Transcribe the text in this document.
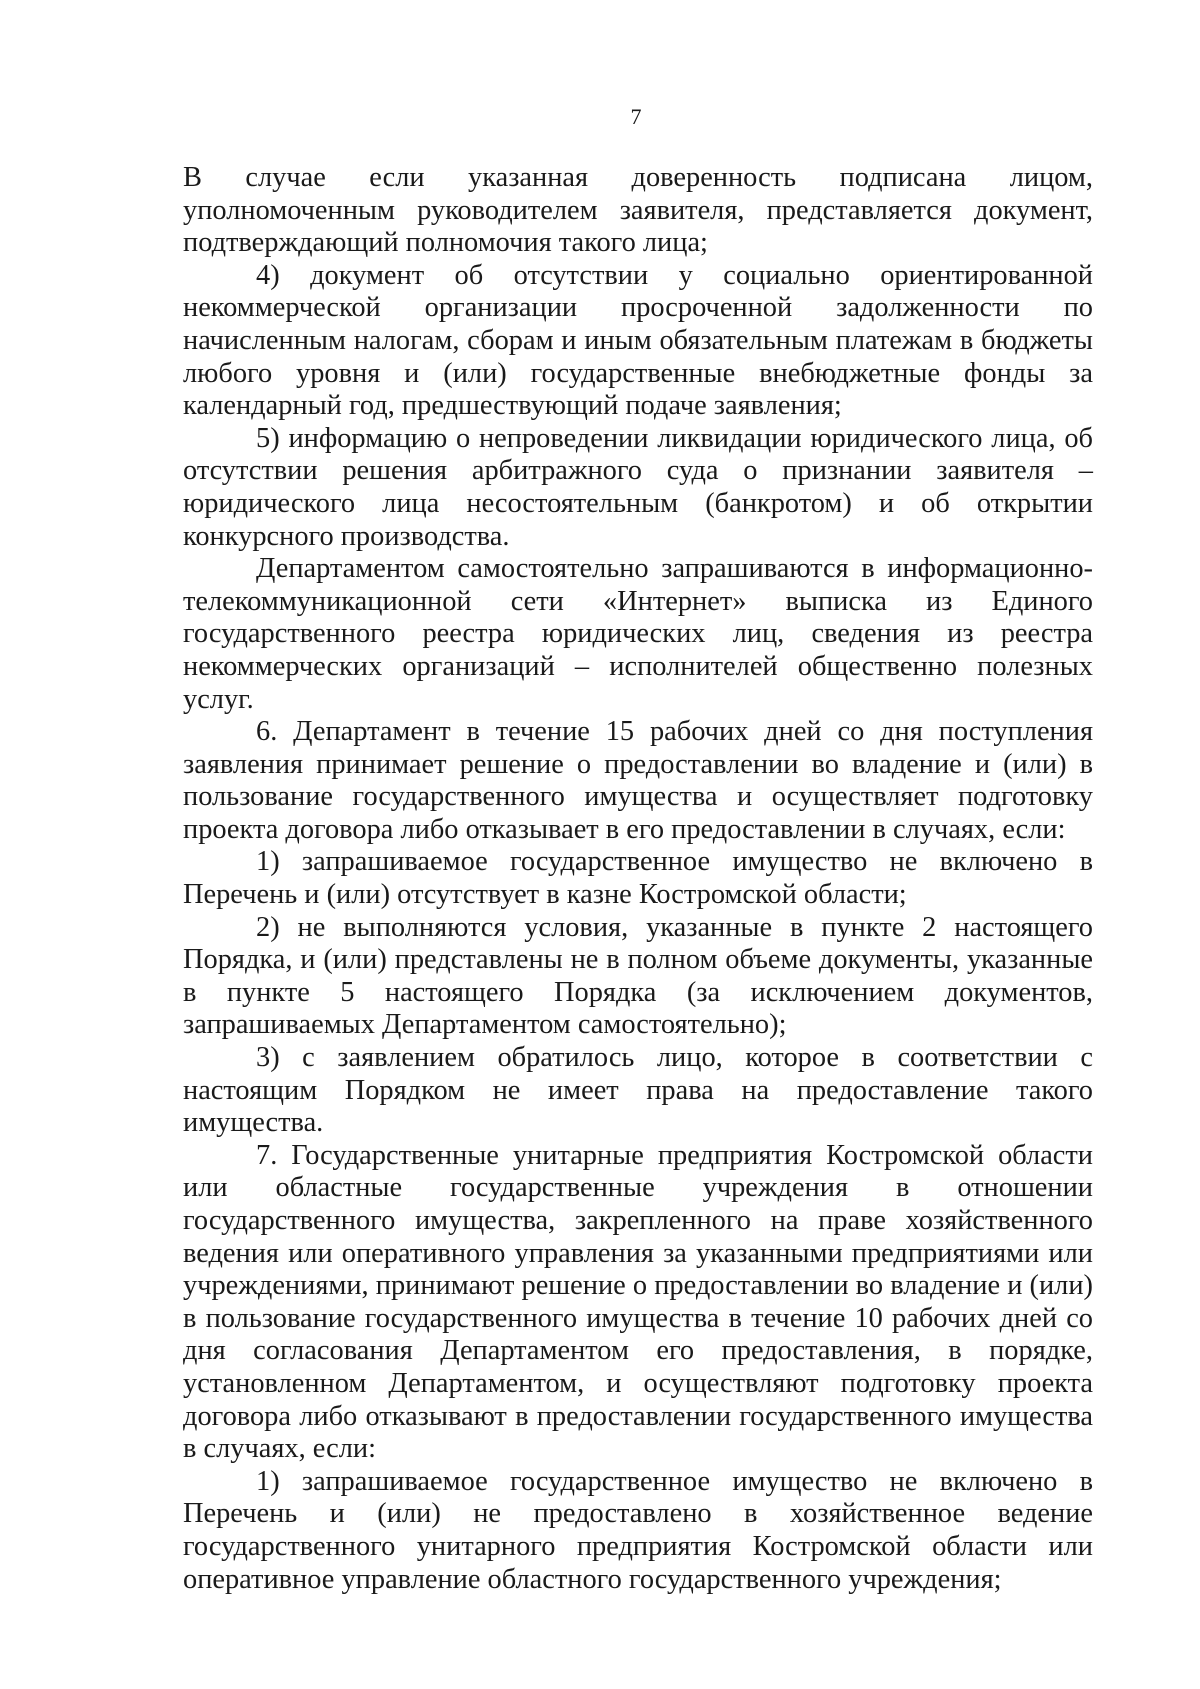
7

В случае если указанная доверенность подписана лицом, уполномоченным руководителем заявителя, представляется документ, подтверждающий полномочия такого лица;

4) документ об отсутствии у социально ориентированной некоммерческой организации просроченной задолженности по начисленным налогам, сборам и иным обязательным платежам в бюджеты любого уровня и (или) государственные внебюджетные фонды за календарный год, предшествующий подаче заявления;

5) информацию о непроведении ликвидации юридического лица, об отсутствии решения арбитражного суда о признании заявителя – юридического лица несостоятельным (банкротом) и об открытии конкурсного производства.

Департаментом самостоятельно запрашиваются в информационно-телекоммуникационной сети «Интернет» выписка из Единого государственного реестра юридических лиц, сведения из реестра некоммерческих организаций – исполнителей общественно полезных услуг.

6. Департамент в течение 15 рабочих дней со дня поступления заявления принимает решение о предоставлении во владение и (или) в пользование государственного имущества и осуществляет подготовку проекта договора либо отказывает в его предоставлении в случаях, если:

1) запрашиваемое государственное имущество не включено в Перечень и (или) отсутствует в казне Костромской области;

2) не выполняются условия, указанные в пункте 2 настоящего Порядка, и (или) представлены не в полном объеме документы, указанные в пункте 5 настоящего Порядка (за исключением документов, запрашиваемых Департаментом самостоятельно);

3) с заявлением обратилось лицо, которое в соответствии с настоящим Порядком не имеет права на предоставление такого имущества.

7. Государственные унитарные предприятия Костромской области или областные государственные учреждения в отношении государственного имущества, закрепленного на праве хозяйственного ведения или оперативного управления за указанными предприятиями или учреждениями, принимают решение о предоставлении во владение и (или) в пользование государственного имущества в течение 10 рабочих дней со дня согласования Департаментом его предоставления, в порядке, установленном Департаментом, и осуществляют подготовку проекта договора либо отказывают в предоставлении государственного имущества в случаях, если:

1) запрашиваемое государственное имущество не включено в Перечень и (или) не предоставлено в хозяйственное ведение государственного унитарного предприятия Костромской области или оперативное управление областного государственного учреждения;
